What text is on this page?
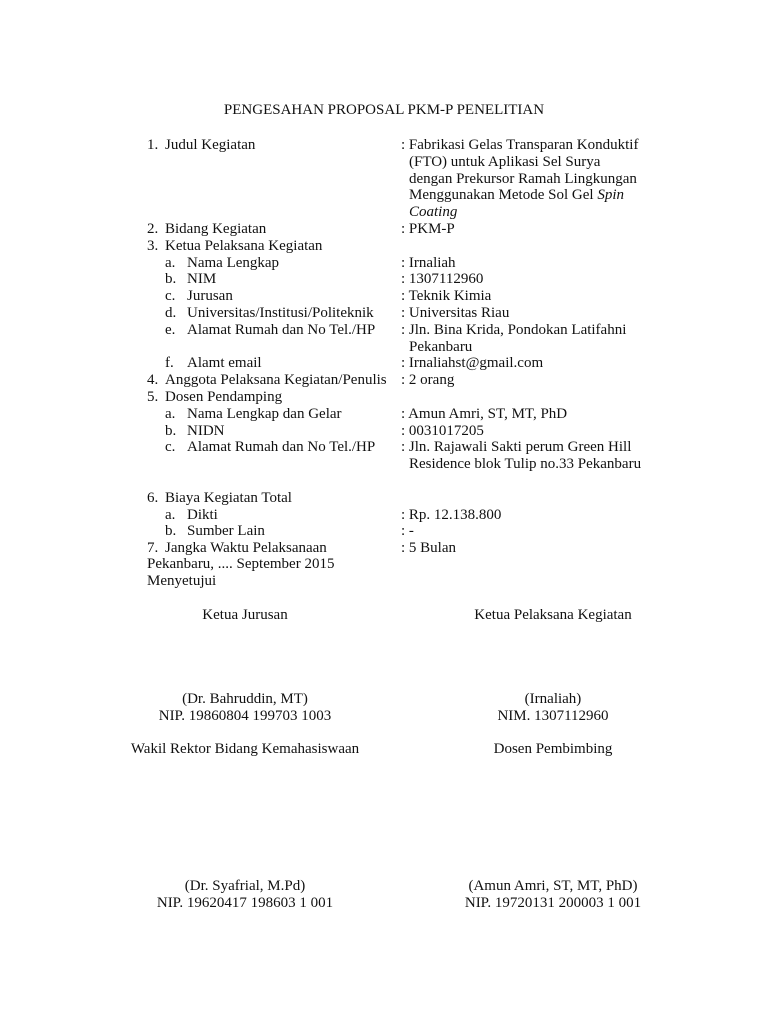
PENGESAHAN PROPOSAL PKM-P PENELITIAN
1. Judul Kegiatan	: Fabrikasi Gelas Transparan Konduktif
(FTO) untuk Aplikasi Sel Surya
dengan Prekursor Ramah Lingkungan
Menggunakan Metode Sol Gel Spin
Coating
2. Bidang Kegiatan	: PKM-P
3. Ketua Pelaksana Kegiatan
a. Nama Lengkap	: Irnaliah
b. NIM	: 1307112960
c. Jurusan	: Teknik Kimia
d. Universitas/Institusi/Politeknik : Universitas Riau
e. Alamat Rumah dan No Tel./HP : Jln. Bina Krida, Pondokan Latifahni
Pekanbaru
f. Alamt email	: Irnaliahst@gmail.com
4. Anggota Pelaksana Kegiatan/Penulis : 2 orang
5. Dosen Pendamping
a. Nama Lengkap dan Gelar	: Amun Amri, ST, MT, PhD
b. NIDN	: 0031017205
c. Alamat Rumah dan No Tel./HP : Jln. Rajawali Sakti perum Green Hill
Residence blok Tulip no.33 Pekanbaru
6. Biaya Kegiatan Total
a. Dikti	: Rp. 12.138.800
b. Sumber Lain	: -
7. Jangka Waktu Pelaksanaan	: 5 Bulan
Pekanbaru, .... September 2015
Menyetujui
Ketua Jurusan
(Dr. Bahruddin, MT)
NIP. 19860804 199703 1003
Ketua Pelaksana Kegiatan
(Irnaliah)
NIM. 1307112960
Wakil Rektor Bidang Kemahasiswaan
(Dr. Syafrial, M.Pd)
NIP. 19620417 198603 1 001
Dosen Pembimbing
(Amun Amri, ST, MT, PhD)
NIP. 19720131 200003 1 001
